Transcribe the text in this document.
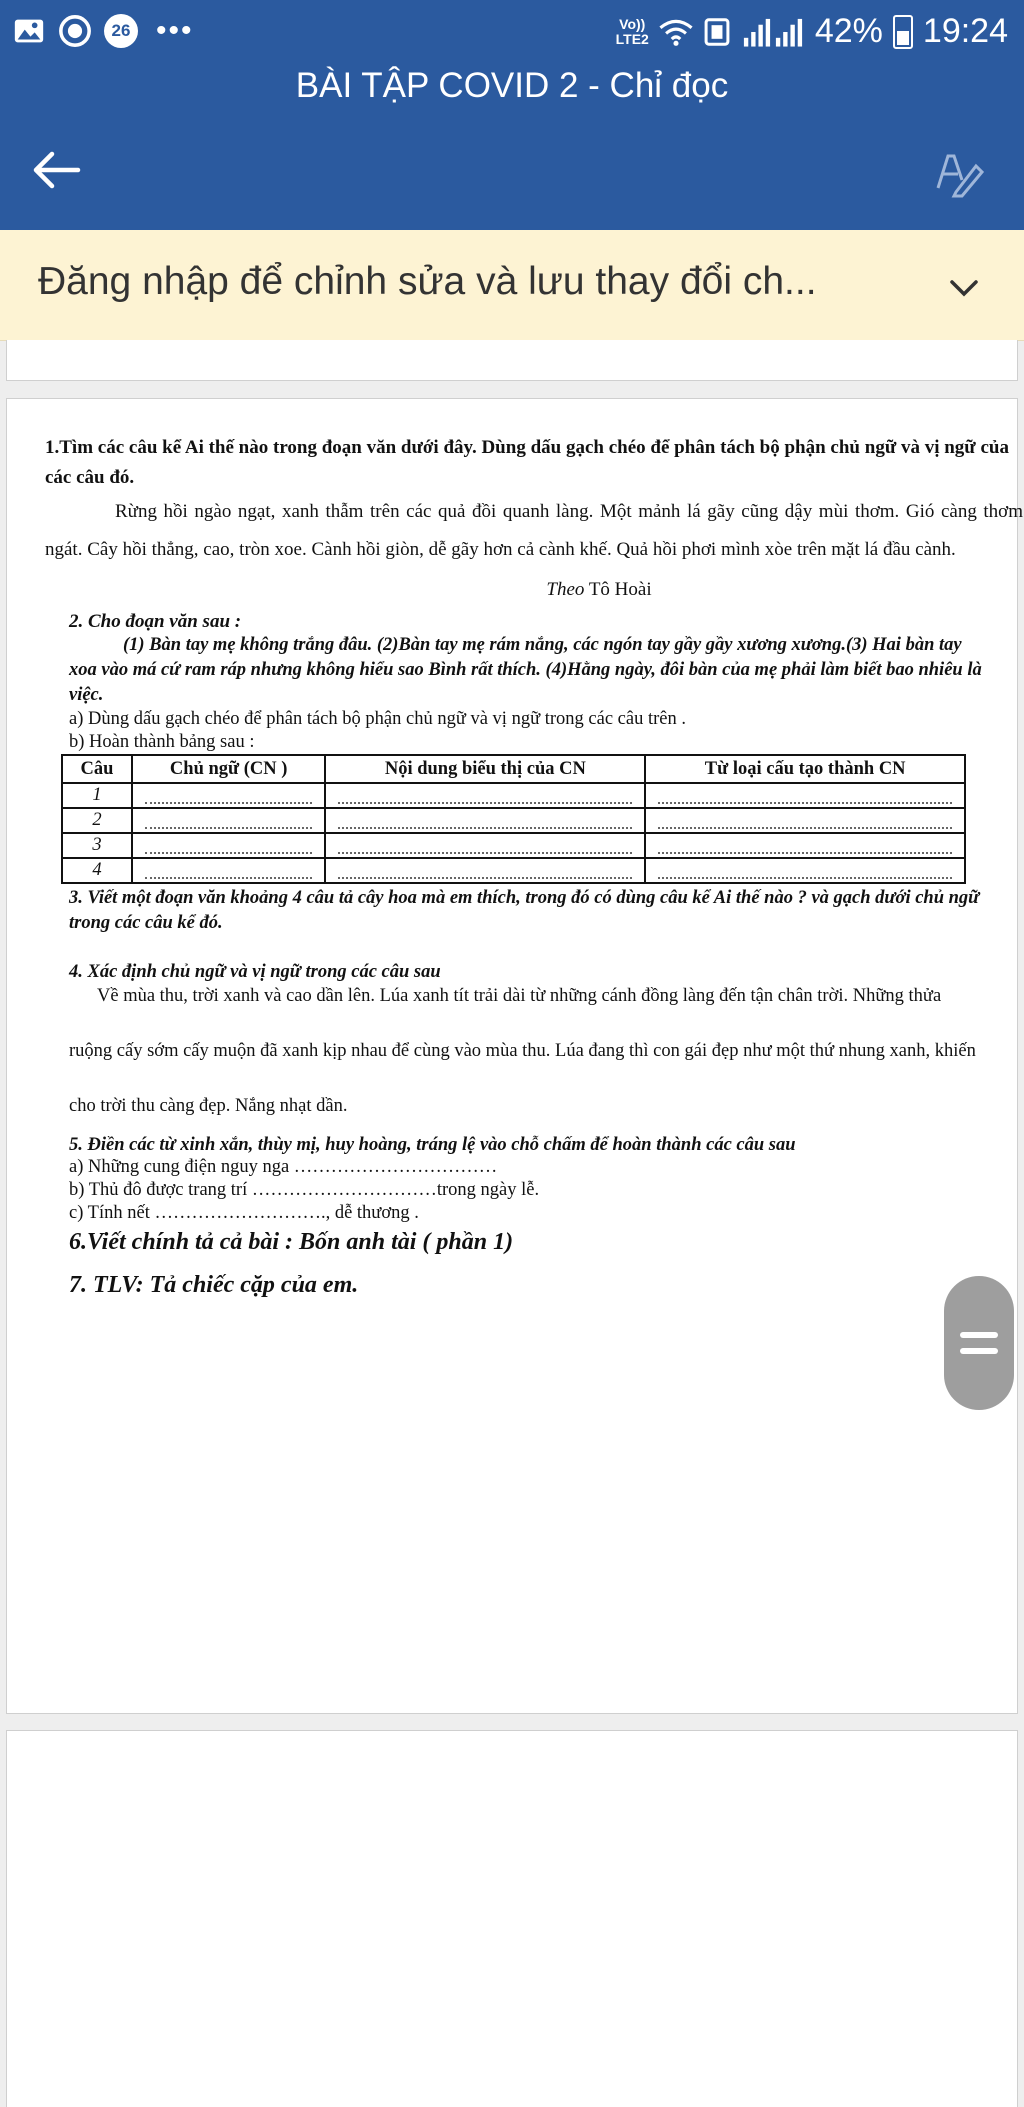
26 •••	Vo))
LTE2	42% 19:24
BÀI TẬP COVID 2 - Chỉ đọc
Đăng nhập để chỉnh sửa và lưu thay đổi ch...

1.Tìm các câu kể Ai thế nào trong đoạn văn dưới đây. Dùng dấu gạch chéo để phân tách bộ phận chủ ngữ và vị ngữ của các câu đó.

Rừng hồi ngào ngạt, xanh thẫm trên các quả đồi quanh làng. Một mảnh lá gãy cũng dậy mùi thơm. Gió càng thơm ngát. Cây hồi thẳng, cao, tròn xoe. Cành hồi giòn, dễ gãy hơn cả cành khế. Quả hồi phơi mình xòe trên mặt lá đầu cành.

Theo Tô Hoài

2. Cho đoạn văn sau :

(1) Bàn tay mẹ không trắng đâu. (2)Bàn tay mẹ rám nắng, các ngón tay gầy gầy xương xương.(3) Hai bàn tay xoa vào má cứ ram ráp nhưng không hiểu sao Bình rất thích. (4)Hằng ngày, đôi bàn của mẹ phải làm biết bao nhiêu là việc.

a) Dùng dấu gạch chéo để phân tách bộ phận chủ ngữ và vị ngữ trong các câu trên .

b) Hoàn thành bảng sau :

Câu	Chủ ngữ (CN )	Nội dung biểu thị của CN	Từ loại cấu tạo thành CN
1	

2	

3	

4	

3. Viết một đoạn văn khoảng 4 câu tả cây hoa mà em thích, trong đó có dùng câu kể Ai thế nào ? và gạch dưới chủ ngữ trong các câu kể đó.

4. Xác định chủ ngữ và vị ngữ trong các câu sau

Về mùa thu, trời xanh và cao dần lên. Lúa xanh tít trải dài từ những cánh đồng làng đến tận chân trời. Những thửa ruộng cấy sớm cấy muộn đã xanh kịp nhau để cùng vào mùa thu. Lúa đang thì con gái đẹp như một thứ nhung xanh, khiến cho trời thu càng đẹp. Nắng nhạt dần.

5. Điền các từ xinh xắn, thùy mị, huy hoàng, tráng lệ vào chỗ chấm để hoàn thành các câu sau

a) Những cung điện nguy nga ……………………………

b) Thủ đô được trang trí …………………………trong ngày lễ.

c) Tính nết ………………………., dễ thương .

6.Viết chính tả cả bài : Bốn anh tài ( phần 1)

7. TLV: Tả chiếc cặp của em.
